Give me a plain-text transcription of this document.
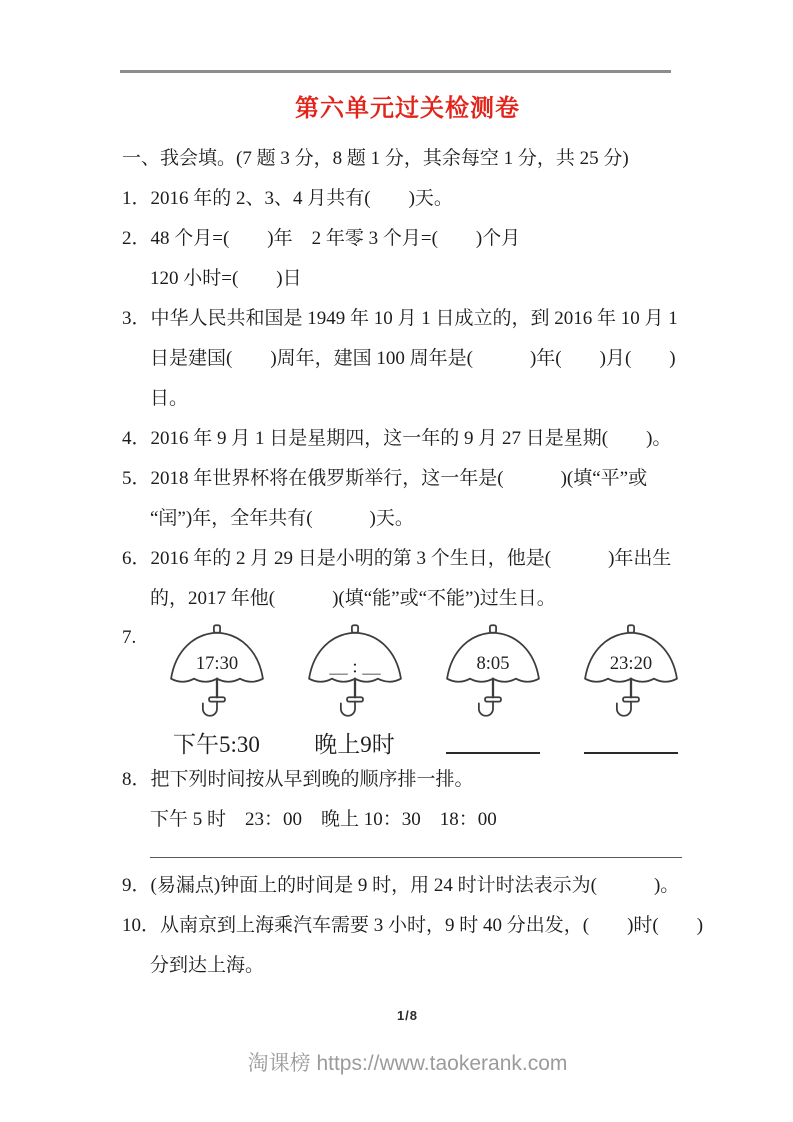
第六单元过关检测卷
一、我会填。(7 题 3 分，8 题 1 分，其余每空 1 分，共 25 分)
1．2016 年的 2、3、4 月共有(　　)天。
2．48 个月=(　　)年　2 年零 3 个月=(　　)个月
120 小时=(　　)日
3．中华人民共和国是 1949 年 10 月 1 日成立的，到 2016 年 10 月 1
日是建国(　　)周年，建国 100 周年是(　　　)年(　　)月(　　)
日。
4．2016 年 9 月 1 日是星期四，这一年的 9 月 27 日是星期(　　)。
5．2018 年世界杯将在俄罗斯举行，这一年是(　　　)(填“平”或
“闰”)年，全年共有(　　　)天。
6．2016 年的 2 月 29 日是小明的第 3 个生日，他是(　　　)年出生
的，2017 年他(　　　)(填“能”或“不能”)过生日。
7.
17:30
下午5:30
＿ : ＿
晚上9时
8:05	23:20
8．把下列时间按从早到晚的顺序排一排。
下午 5 时　23：00　晚上 10：30　18：00
9．(易漏点)钟面上的时间是 9 时，用 24 时计时法表示为(　　　)。
10．从南京到上海乘汽车需要 3 小时，9 时 40 分出发，(　　)时(　　)
分到达上海。
1/8
淘课榜 https://www.taokerank.com
